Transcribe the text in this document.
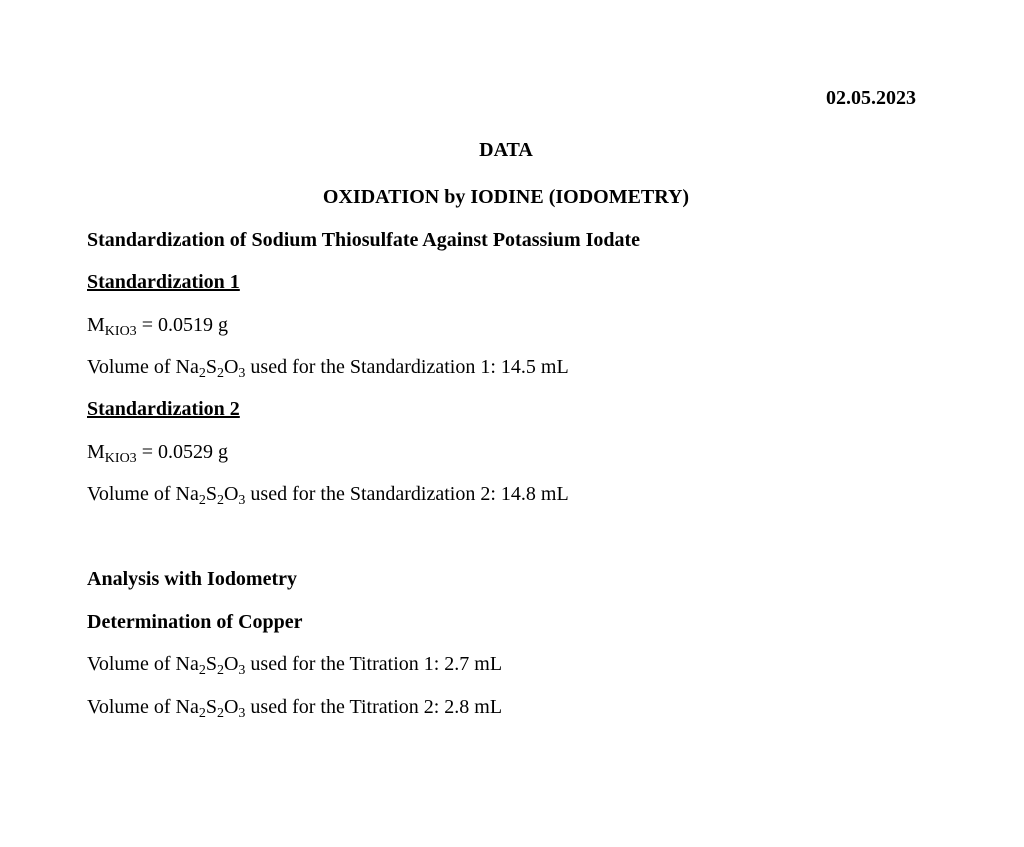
02.05.2023
DATA
OXIDATION by IODINE (IODOMETRY)
Standardization of Sodium Thiosulfate Against Potassium Iodate
Standardization 1
$M_{KIO3} = 0.0519$ g
Volume of $Na_2S_2O_3$ used for the Standardization 1: 14.5 mL
Standardization 2
$M_{KIO3} = 0.0529$ g
Volume of $Na_2S_2O_3$ used for the Standardization 2: 14.8 mL
Analysis with Iodometry
Determination of Copper
Volume of $Na_2S_2O_3$ used for the Titration 1: 2.7 mL
Volume of $Na_2S_2O_3$ used for the Titration 2: 2.8 mL
